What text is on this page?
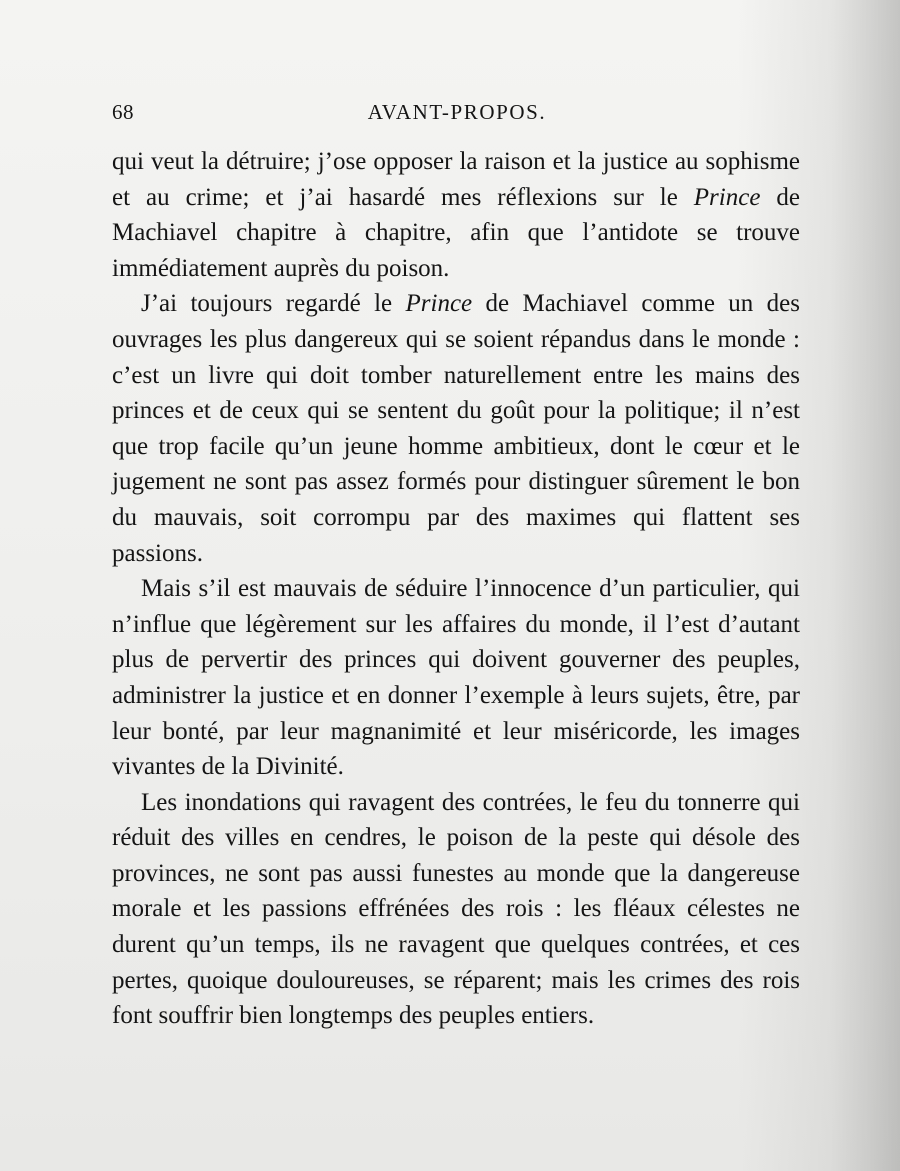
68	AVANT-PROPOS.

qui veut la détruire; j’ose opposer la raison et la justice au sophisme et au crime; et j’ai hasardé mes réflexions sur le Prince de Machiavel chapitre à chapitre, afin que l’antidote se trouve immédiatement auprès du poison.

J’ai toujours regardé le Prince de Machiavel comme un des ouvrages les plus dangereux qui se soient répandus dans le monde : c’est un livre qui doit tomber naturellement entre les mains des princes et de ceux qui se sentent du goût pour la politique; il n’est que trop facile qu’un jeune homme ambitieux, dont le cœur et le jugement ne sont pas assez formés pour distinguer sûrement le bon du mauvais, soit corrompu par des maximes qui flattent ses passions.

Mais s’il est mauvais de séduire l’innocence d’un particulier, qui n’influe que légèrement sur les affaires du monde, il l’est d’autant plus de pervertir des princes qui doivent gouverner des peuples, administrer la justice et en donner l’exemple à leurs sujets, être, par leur bonté, par leur magnanimité et leur miséricorde, les images vivantes de la Divinité.

Les inondations qui ravagent des contrées, le feu du tonnerre qui réduit des villes en cendres, le poison de la peste qui désole des provinces, ne sont pas aussi funestes au monde que la dangereuse morale et les passions effrénées des rois : les fléaux célestes ne durent qu’un temps, ils ne ravagent que quelques contrées, et ces pertes, quoique douloureuses, se réparent; mais les crimes des rois font souffrir bien longtemps des peuples entiers.
